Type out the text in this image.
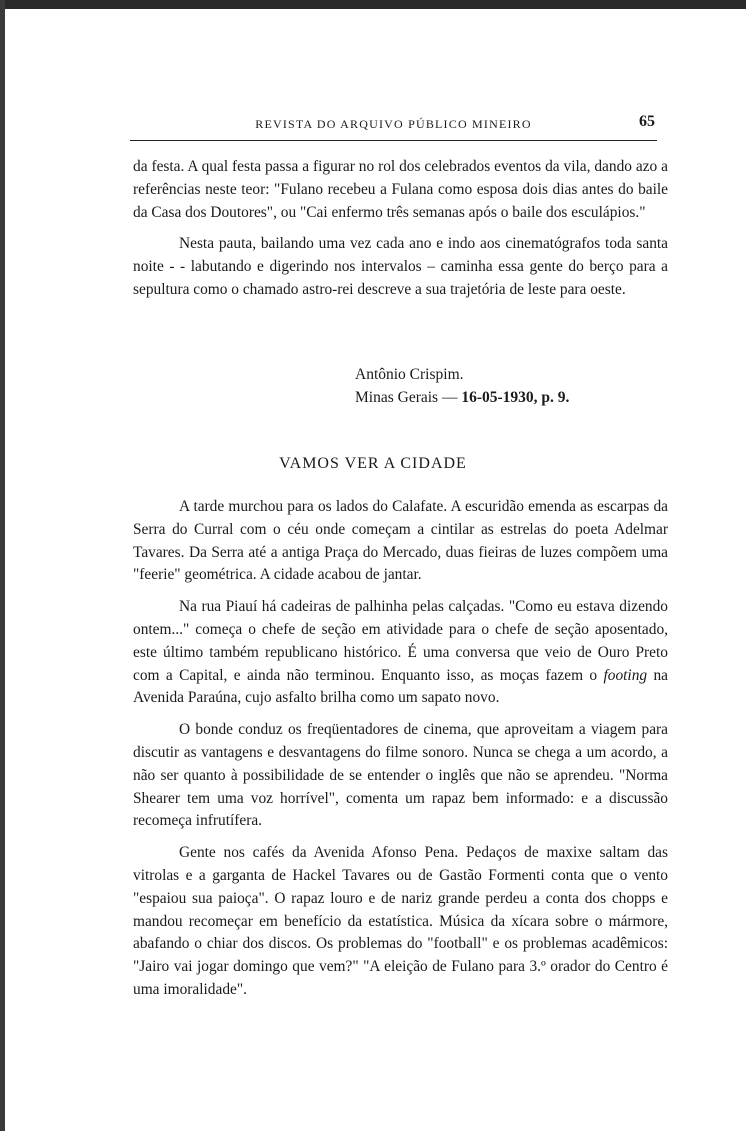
REVISTA DO ARQUIVO PÚBLICO MINEIRO	65

da festa. A qual festa passa a figurar no rol dos celebrados eventos da vila, dando azo a referências neste teor: "Fulano recebeu a Fulana como esposa dois dias antes do baile da Casa dos Doutores", ou "Cai enfermo três semanas após o baile dos esculápios."

Nesta pauta, bailando uma vez cada ano e indo aos cinematógrafos toda santa noite - - labutando e digerindo nos intervalos – caminha essa gente do berço para a sepultura como o chamado astro-rei descreve a sua trajetória de leste para oeste.

Antônio Crispim.
Minas Gerais — 16-05-1930, p. 9.
VAMOS VER A CIDADE

A tarde murchou para os lados do Calafate. A escuridão emenda as escarpas da Serra do Curral com o céu onde começam a cintilar as estrelas do poeta Adelmar Tavares. Da Serra até a antiga Praça do Mercado, duas fieiras de luzes compõem uma "feerie" geométrica. A cidade acabou de jantar.

Na rua Piauí há cadeiras de palhinha pelas calçadas. "Como eu estava dizendo ontem..." começa o chefe de seção em atividade para o chefe de seção aposentado, este último também republicano histórico. É uma conversa que veio de Ouro Preto com a Capital, e ainda não terminou. Enquanto isso, as moças fazem o footing na Avenida Paraúna, cujo asfalto brilha como um sapato novo.

O bonde conduz os freqüentadores de cinema, que aproveitam a viagem para discutir as vantagens e desvantagens do filme sonoro. Nunca se chega a um acordo, a não ser quanto à possibilidade de se entender o inglês que não se aprendeu. "Norma Shearer tem uma voz horrível", comenta um rapaz bem informado: e a discussão recomeça infrutífera.

Gente nos cafés da Avenida Afonso Pena. Pedaços de maxixe saltam das vitrolas e a garganta de Hackel Tavares ou de Gastão Formenti conta que o vento "espaiou sua paioça". O rapaz louro e de nariz grande perdeu a conta dos chopps e mandou recomeçar em benefício da estatística. Música da xícara sobre o mármore, abafando o chiar dos discos. Os problemas do "football" e os problemas acadêmicos: "Jairo vai jogar domingo que vem?" "A eleição de Fulano para 3.º orador do Centro é uma imoralidade".
